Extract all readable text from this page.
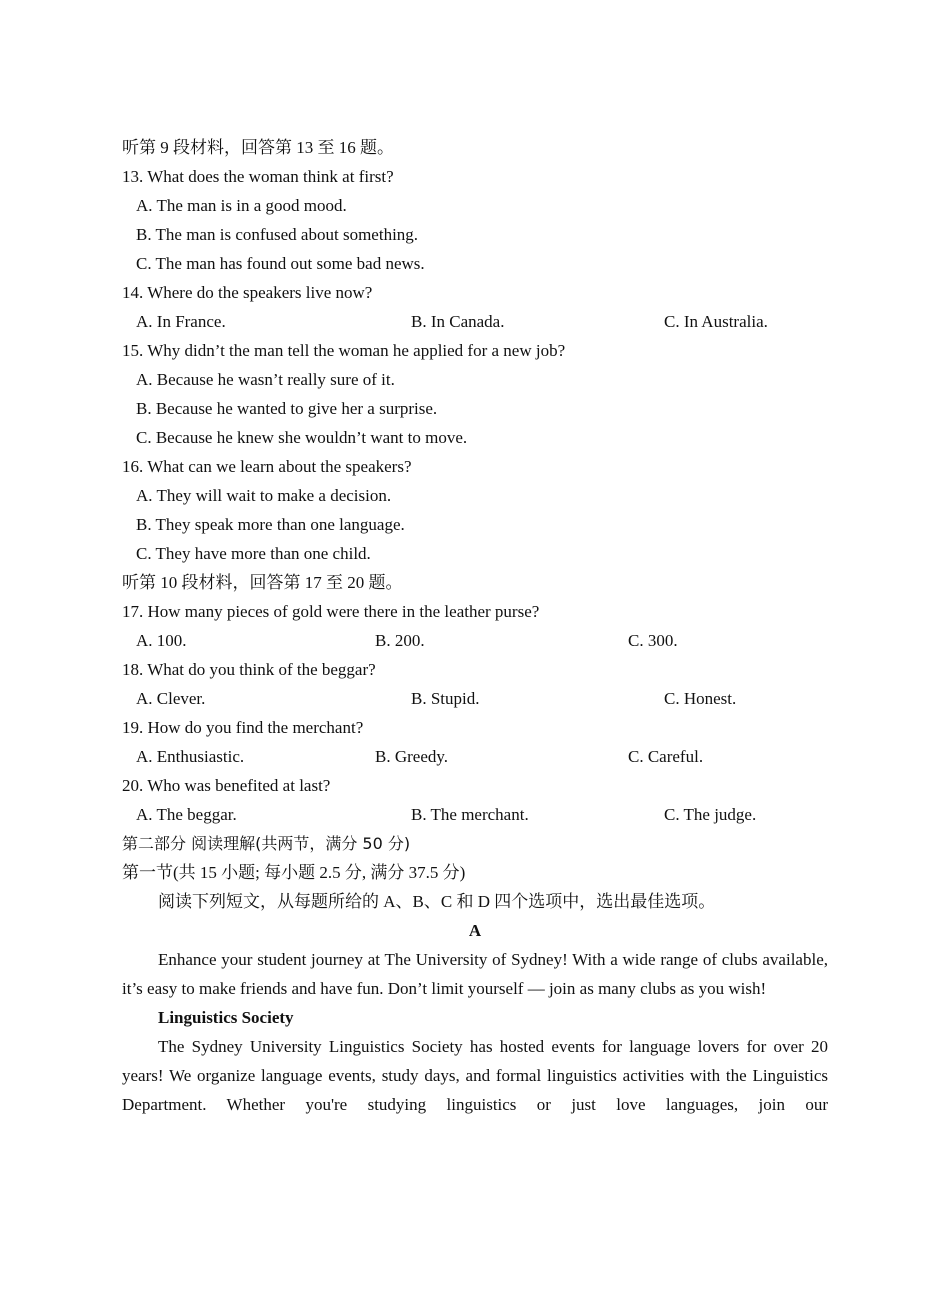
听第 9 段材料，回答第 13 至 16 题。
13. What does the woman think at first?
A. The man is in a good mood.
B. The man is confused about something.
C. The man has found out some bad news.
14. Where do the speakers live now?
A. In France.	B. In Canada.	C. In Australia.
15. Why didn’t the man tell the woman he applied for a new job?
A. Because he wasn’t really sure of it.
B. Because he wanted to give her a surprise.
C. Because he knew she wouldn’t want to move.
16. What can we learn about the speakers?
A. They will wait to make a decision.
B. They speak more than one language.
C. They have more than one child.
听第 10 段材料，回答第 17 至 20 题。
17. How many pieces of gold were there in the leather purse?
A. 100.	B. 200.	C. 300.
18. What do you think of the beggar?
A. Clever.	B. Stupid.	C. Honest.
19. How do you find the merchant?
A. Enthusiastic.	B. Greedy.	C. Careful.
20. Who was benefited at last?
A. The beggar.	B. The merchant.	C. The judge.
第二部分 阅读理解(共两节，满分 50 分)
第一节(共 15 小题; 每小题 2.5 分, 满分 37.5 分)
阅读下列短文，从每题所给的 A、B、C 和 D 四个选项中，选出最佳选项。
A
Enhance your student journey at The University of Sydney! With a wide range of clubs available, it’s easy to make friends and have fun. Don’t limit yourself — join as many clubs as you wish!
Linguistics Society
The Sydney University Linguistics Society has hosted events for language lovers for over 20 years! We organize language events, study days, and formal linguistics activities with the Linguistics Department. Whether you're studying linguistics or just love languages, join our
